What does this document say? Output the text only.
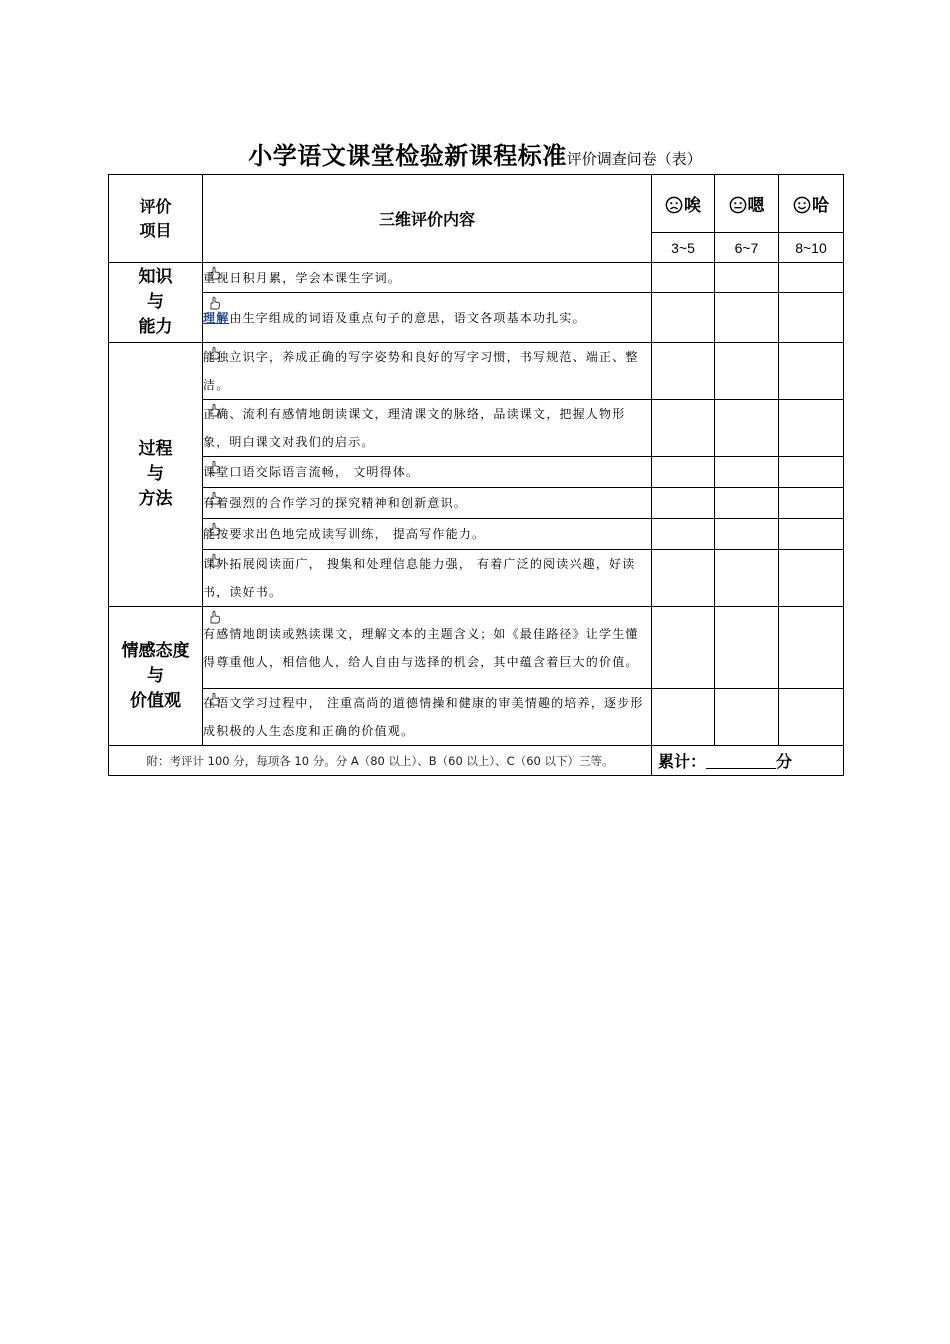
小学语文课堂检验新课程标准评价调查问卷（表）
评价
项目	三维评价内容	唉	嗯	哈
		3~5	6~7	8~10

知识
与
能力	重视日积月累，学会本课生字词。			

理解由生字组成的词语及重点句子的意思，语文各项基本功扎实。			

过程
与
方法	能独立识字，养成正确的写字姿势和良好的写字习惯，书写规范、端正、整洁。			

正确、流利有感情地朗读课文，理清课文的脉络，品读课文，把握人物形象，明白课文对我们的启示。			

课堂口语交际语言流畅， 文明得体。			

有着强烈的合作学习的探究精神和创新意识。			

能按要求出色地完成读写训练， 提高写作能力。			

课外拓展阅读面广， 搜集和处理信息能力强， 有着广泛的阅读兴趣，好读书，读好书。			

情感态度
与
价值观	有感情地朗读或熟读课文，理解文本的主题含义；如《最佳路径》让学生懂得尊重他人，相信他人，给人自由与选择的机会，其中蕴含着巨大的价值。			

在语文学习过程中， 注重高尚的道德情操和健康的审美情趣的培养，逐步形成积极的人生态度和正确的价值观。			
附：考评计 100 分，每项各 10 分。分 A（80 以上）、B（60 以上）、C（60 以下）三等。		累计： 分		
